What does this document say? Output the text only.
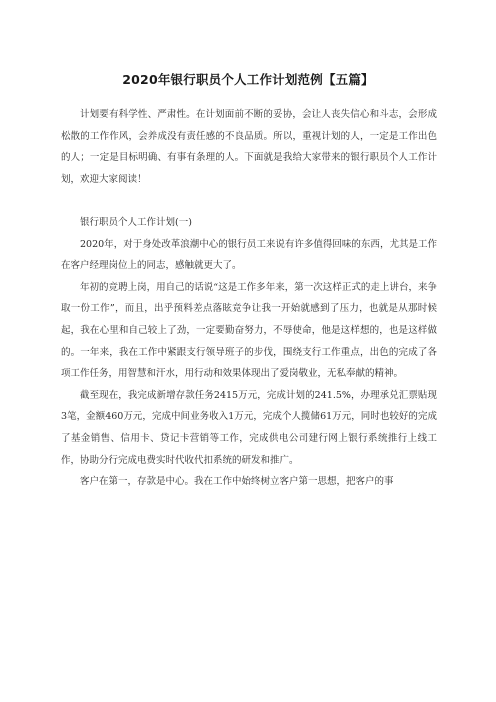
2020年银行职员个人工作计划范例【五篇】

计划要有科学性、严肃性。在计划面前不断的妥协，会让人丧失信心和斗志，会形成松散的工作作风，会养成没有责任感的不良品质。所以，重视计划的人，一定是工作出色的人；一定是目标明确、有事有条理的人。下面就是我给大家带来的银行职员个人工作计划，欢迎大家阅读！

银行职员个人工作计划(一)

2020年，对于身处改革浪潮中心的银行员工来说有许多值得回味的东西，尤其是工作在客户经理岗位上的同志，感触就更大了。

年初的竞聘上岗，用自己的话说“这是工作多年来，第一次这样正式的走上讲台，来争取一份工作”，而且，出乎预料差点落眩竞争让我一开始就感到了压力，也就是从那时候起，我在心里和自己较上了劲，一定要勤奋努力，不辱使命，他是这样想的，也是这样做的。一年来，我在工作中紧跟支行领导班子的步伐，围绕支行工作重点，出色的完成了各项工作任务，用智慧和汗水，用行动和效果体现出了爱岗敬业，无私奉献的精神。

截至现在，我完成新增存款任务2415万元，完成计划的241.5%，办理承兑汇票贴现3笔，金额460万元，完成中间业务收入1万元，完成个人揽储61万元，同时也较好的完成了基金销售、信用卡、贷记卡营销等工作，完成供电公司建行网上银行系统推行上线工作，协助分行完成电费实时代收代扣系统的研发和推广。

客户在第一，存款是中心。我在工作中始终树立客户第一思想，把客户的事
